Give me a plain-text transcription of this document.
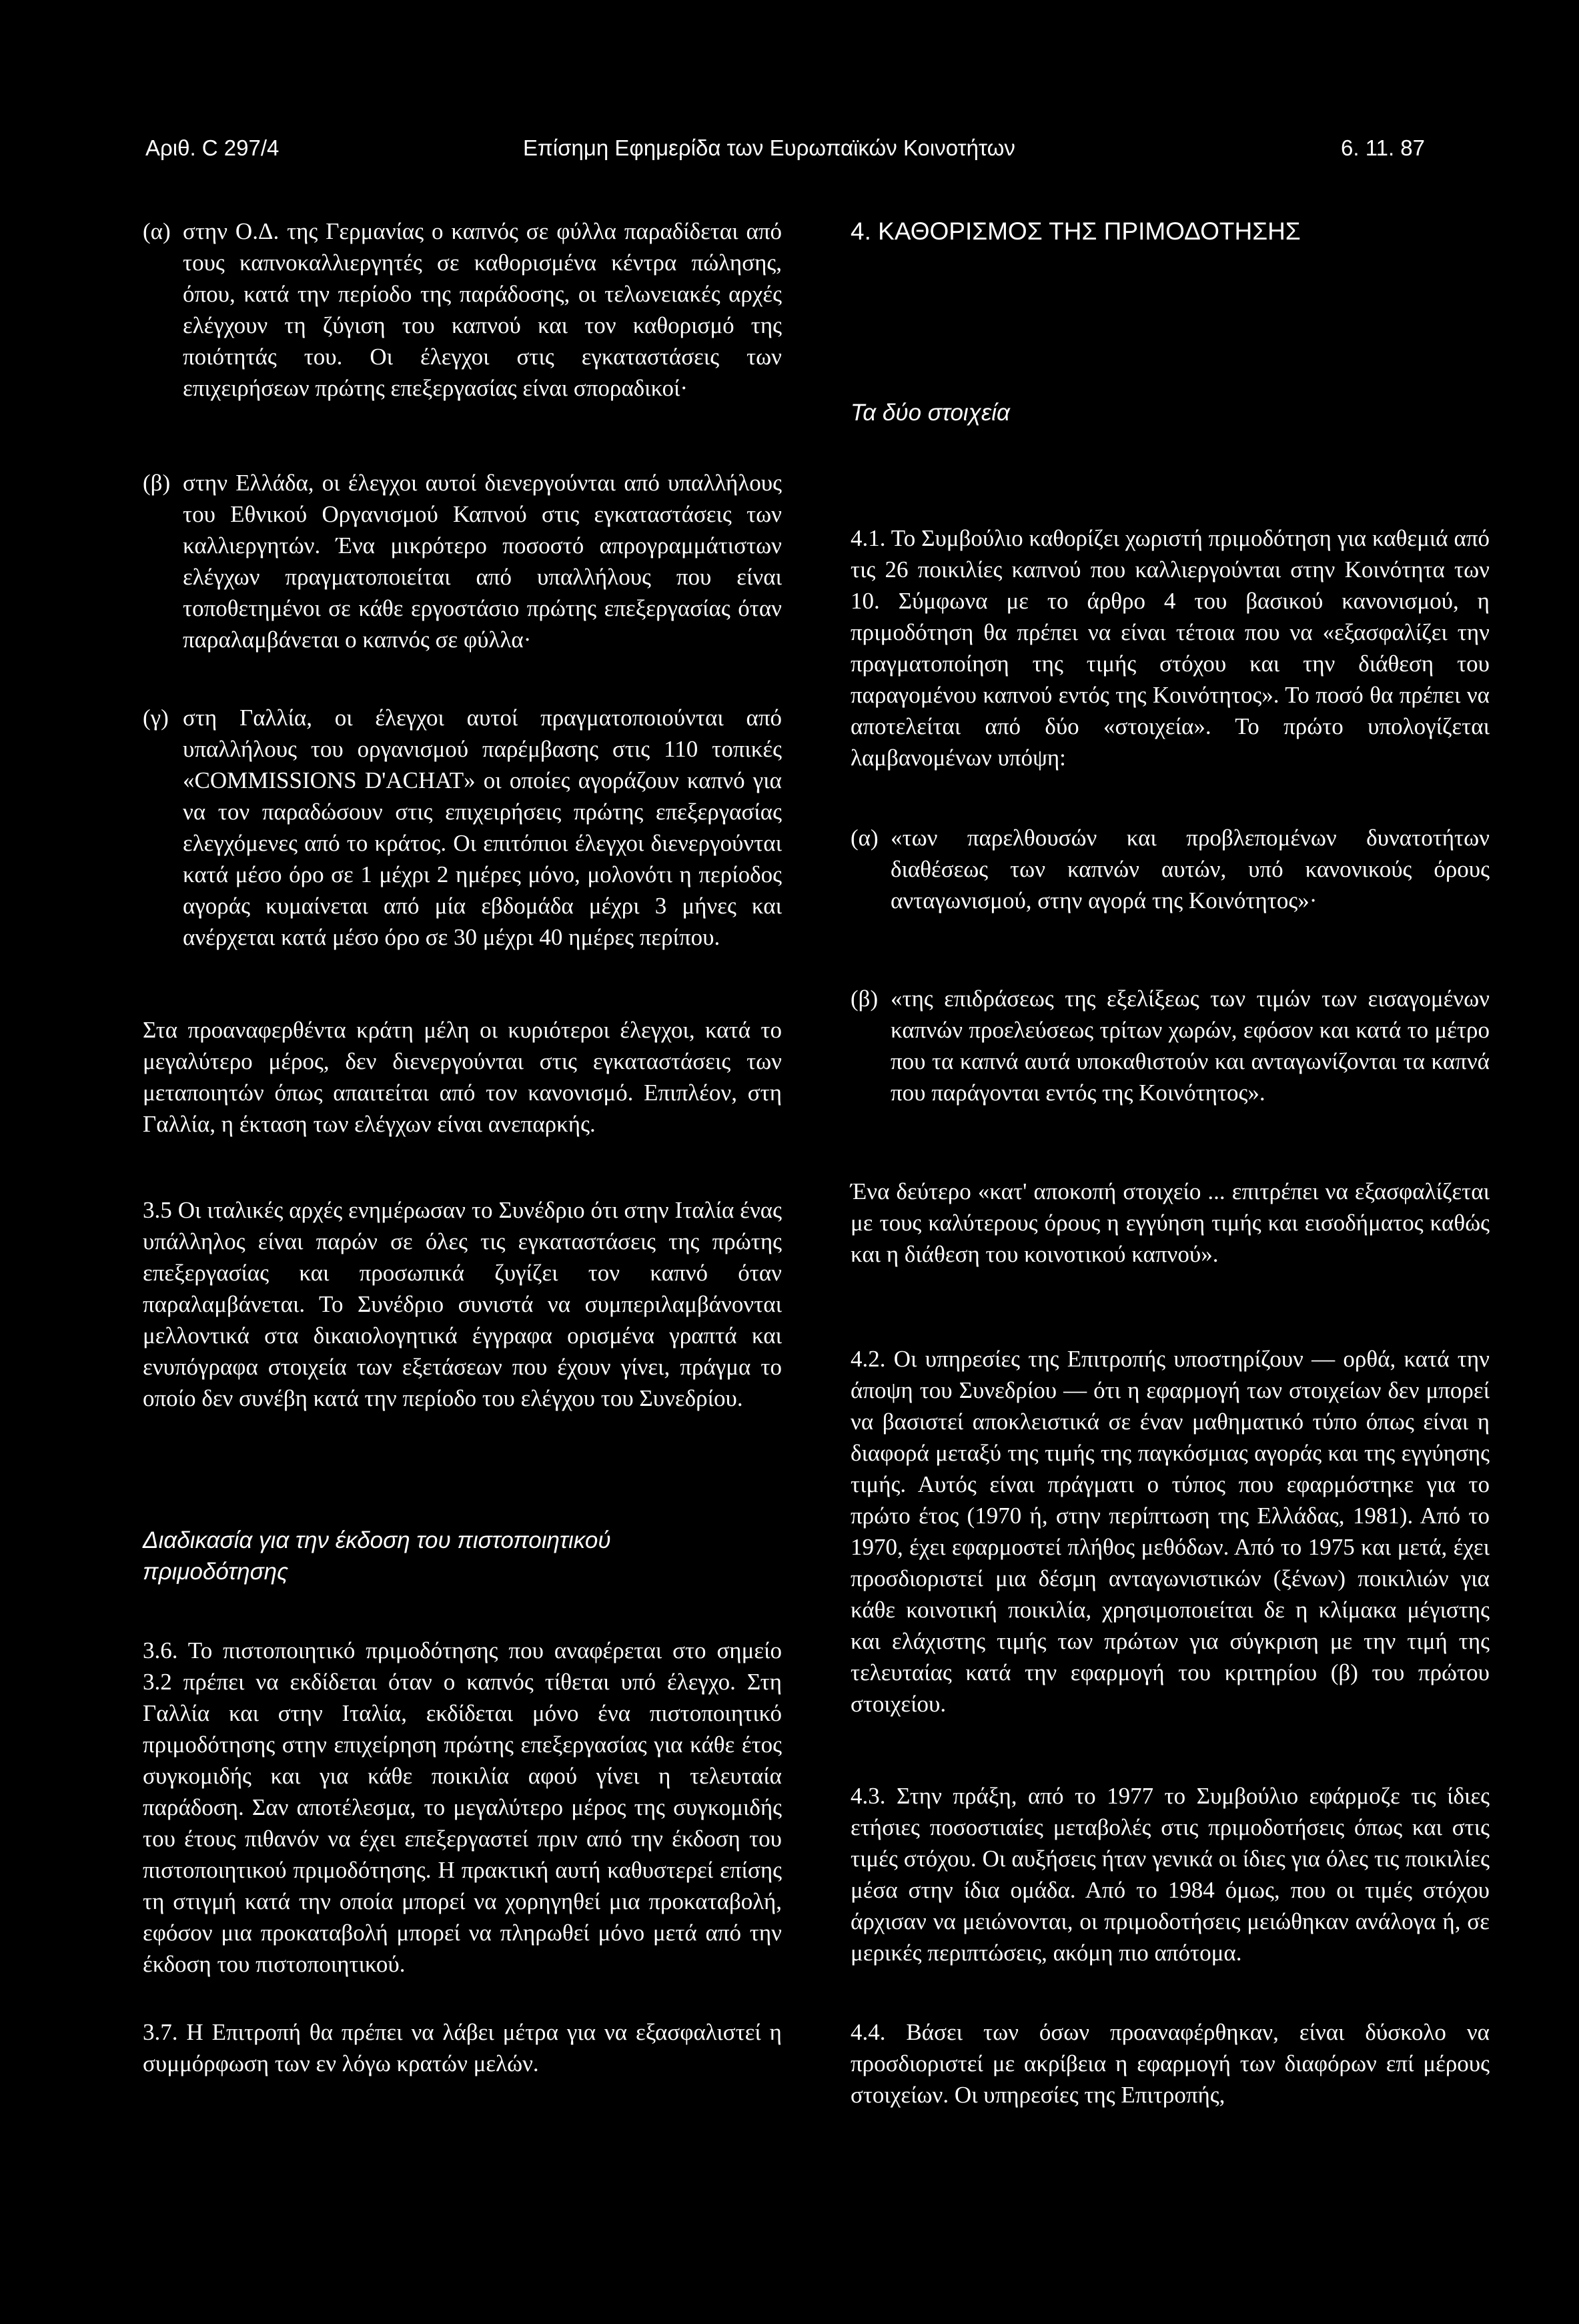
Αριθ. C 297/4	Επίσημη Εφημερίδα των Ευρωπαϊκών Κοινοτήτων	6. 11. 87
(α) στην Ο.Δ. της Γερμανίας ο καπνός σε φύλλα παραδίδεται από τους καπνοκαλλιεργητές σε καθορισμένα κέντρα πώλησης, όπου, κατά την περίοδο της παράδοσης, οι τελωνειακές αρχές ελέγχουν τη ζύγιση του καπνού και τον καθορισμό της ποιότητάς του. Οι έλεγχοι στις εγκαταστάσεις των επιχειρήσεων πρώτης επεξεργασίας είναι σποραδικοί·
(β) στην Ελλάδα, οι έλεγχοι αυτοί διενεργούνται από υπαλλήλους του Εθνικού Οργανισμού Καπνού στις εγκαταστάσεις των καλλιεργητών. Ένα μικρότερο ποσοστό απρογραμμάτιστων ελέγχων πραγματοποιείται από υπαλλήλους που είναι τοποθετημένοι σε κάθε εργοστάσιο πρώτης επεξεργασίας όταν παραλαμβάνεται ο καπνός σε φύλλα·
(γ) στη Γαλλία, οι έλεγχοι αυτοί πραγματοποιούνται από υπαλλήλους του οργανισμού παρέμβασης στις 110 τοπικές «COMMISSIONS D'ACHAT» οι οποίες αγοράζουν καπνό για να τον παραδώσουν στις επιχειρήσεις πρώτης επεξεργασίας ελεγχόμενες από το κράτος. Οι επιτόπιοι έλεγχοι διενεργούνται κατά μέσο όρο σε 1 μέχρι 2 ημέρες μόνο, μολονότι η περίοδος αγοράς κυμαίνεται από μία εβδομάδα μέχρι 3 μήνες και ανέρχεται κατά μέσο όρο σε 30 μέχρι 40 ημέρες περίπου.
Στα προαναφερθέντα κράτη μέλη οι κυριότεροι έλεγχοι, κατά το μεγαλύτερο μέρος, δεν διενεργούνται στις εγκαταστάσεις των μεταποιητών όπως απαιτείται από τον κανονισμό. Επιπλέον, στη Γαλλία, η έκταση των ελέγχων είναι ανεπαρκής.
3.5 Οι ιταλικές αρχές ενημέρωσαν το Συνέδριο ότι στην Ιταλία ένας υπάλληλος είναι παρών σε όλες τις εγκαταστάσεις της πρώτης επεξεργασίας και προσωπικά ζυγίζει τον καπνό όταν παραλαμβάνεται. Το Συνέδριο συνιστά να συμπεριλαμβάνονται μελλοντικά στα δικαιολογητικά έγγραφα ορισμένα γραπτά και ενυπόγραφα στοιχεία των εξετάσεων που έχουν γίνει, πράγμα το οποίο δεν συνέβη κατά την περίοδο του ελέγχου του Συνεδρίου.
Διαδικασία για την έκδοση του πιστοποιητικού πριμοδότησης
3.6. Το πιστοποιητικό πριμοδότησης που αναφέρεται στο σημείο 3.2 πρέπει να εκδίδεται όταν ο καπνός τίθεται υπό έλεγχο. Στη Γαλλία και στην Ιταλία, εκδίδεται μόνο ένα πιστοποιητικό πριμοδότησης στην επιχείρηση πρώτης επεξεργασίας για κάθε έτος συγκομιδής και για κάθε ποικιλία αφού γίνει η τελευταία παράδοση. Σαν αποτέλεσμα, το μεγαλύτερο μέρος της συγκομιδής του έτους πιθανόν να έχει επεξεργαστεί πριν από την έκδοση του πιστοποιητικού πριμοδότησης. Η πρακτική αυτή καθυστερεί επίσης τη στιγμή κατά την οποία μπορεί να χορηγηθεί μια προκαταβολή, εφόσον μια προκαταβολή μπορεί να πληρωθεί μόνο μετά από την έκδοση του πιστοποιητικού.
3.7. Η Επιτροπή θα πρέπει να λάβει μέτρα για να εξασφαλιστεί η συμμόρφωση των εν λόγω κρατών μελών.
4. ΚΑΘΟΡΙΣΜΟΣ ΤΗΣ ΠΡΙΜΟΔΟΤΗΣΗΣ
Τα δύο στοιχεία
4.1. Το Συμβούλιο καθορίζει χωριστή πριμοδότηση για καθεμιά από τις 26 ποικιλίες καπνού που καλλιεργούνται στην Κοινότητα των 10. Σύμφωνα με το άρθρο 4 του βασικού κανονισμού, η πριμοδότηση θα πρέπει να είναι τέτοια που να «εξασφαλίζει την πραγματοποίηση της τιμής στόχου και την διάθεση του παραγομένου καπνού εντός της Κοινότητος». Το ποσό θα πρέπει να αποτελείται από δύο «στοιχεία». Το πρώτο υπολογίζεται λαμβανομένων υπόψη:
(α) «των παρελθουσών και προβλεπομένων δυνατοτήτων διαθέσεως των καπνών αυτών, υπό κανονικούς όρους ανταγωνισμού, στην αγορά της Κοινότητος»·
(β) «της επιδράσεως της εξελίξεως των τιμών των εισαγομένων καπνών προελεύσεως τρίτων χωρών, εφόσον και κατά το μέτρο που τα καπνά αυτά υποκαθιστούν και ανταγωνίζονται τα καπνά που παράγονται εντός της Κοινότητος».
Ένα δεύτερο «κατ' αποκοπή στοιχείο ... επιτρέπει να εξασφαλίζεται με τους καλύτερους όρους η εγγύηση τιμής και εισοδήματος καθώς και η διάθεση του κοινοτικού καπνού».
4.2. Οι υπηρεσίες της Επιτροπής υποστηρίζουν — ορθά, κατά την άποψη του Συνεδρίου — ότι η εφαρμογή των στοιχείων δεν μπορεί να βασιστεί αποκλειστικά σε έναν μαθηματικό τύπο όπως είναι η διαφορά μεταξύ της τιμής της παγκόσμιας αγοράς και της εγγύησης τιμής. Αυτός είναι πράγματι ο τύπος που εφαρμόστηκε για το πρώτο έτος (1970 ή, στην περίπτωση της Ελλάδας, 1981). Από το 1970, έχει εφαρμοστεί πλήθος μεθόδων. Από το 1975 και μετά, έχει προσδιοριστεί μια δέσμη ανταγωνιστικών (ξένων) ποικιλιών για κάθε κοινοτική ποικιλία, χρησιμοποιείται δε η κλίμακα μέγιστης και ελάχιστης τιμής των πρώτων για σύγκριση με την τιμή της τελευταίας κατά την εφαρμογή του κριτηρίου (β) του πρώτου στοιχείου.
4.3. Στην πράξη, από το 1977 το Συμβούλιο εφάρμοζε τις ίδιες ετήσιες ποσοστιαίες μεταβολές στις πριμοδοτήσεις όπως και στις τιμές στόχου. Οι αυξήσεις ήταν γενικά οι ίδιες για όλες τις ποικιλίες μέσα στην ίδια ομάδα. Από το 1984 όμως, που οι τιμές στόχου άρχισαν να μειώνονται, οι πριμοδοτήσεις μειώθηκαν ανάλογα ή, σε μερικές περιπτώσεις, ακόμη πιο απότομα.
4.4. Βάσει των όσων προαναφέρθηκαν, είναι δύσκολο να προσδιοριστεί με ακρίβεια η εφαρμογή των διαφόρων επί μέρους στοιχείων. Οι υπηρεσίες της Επιτροπής,
